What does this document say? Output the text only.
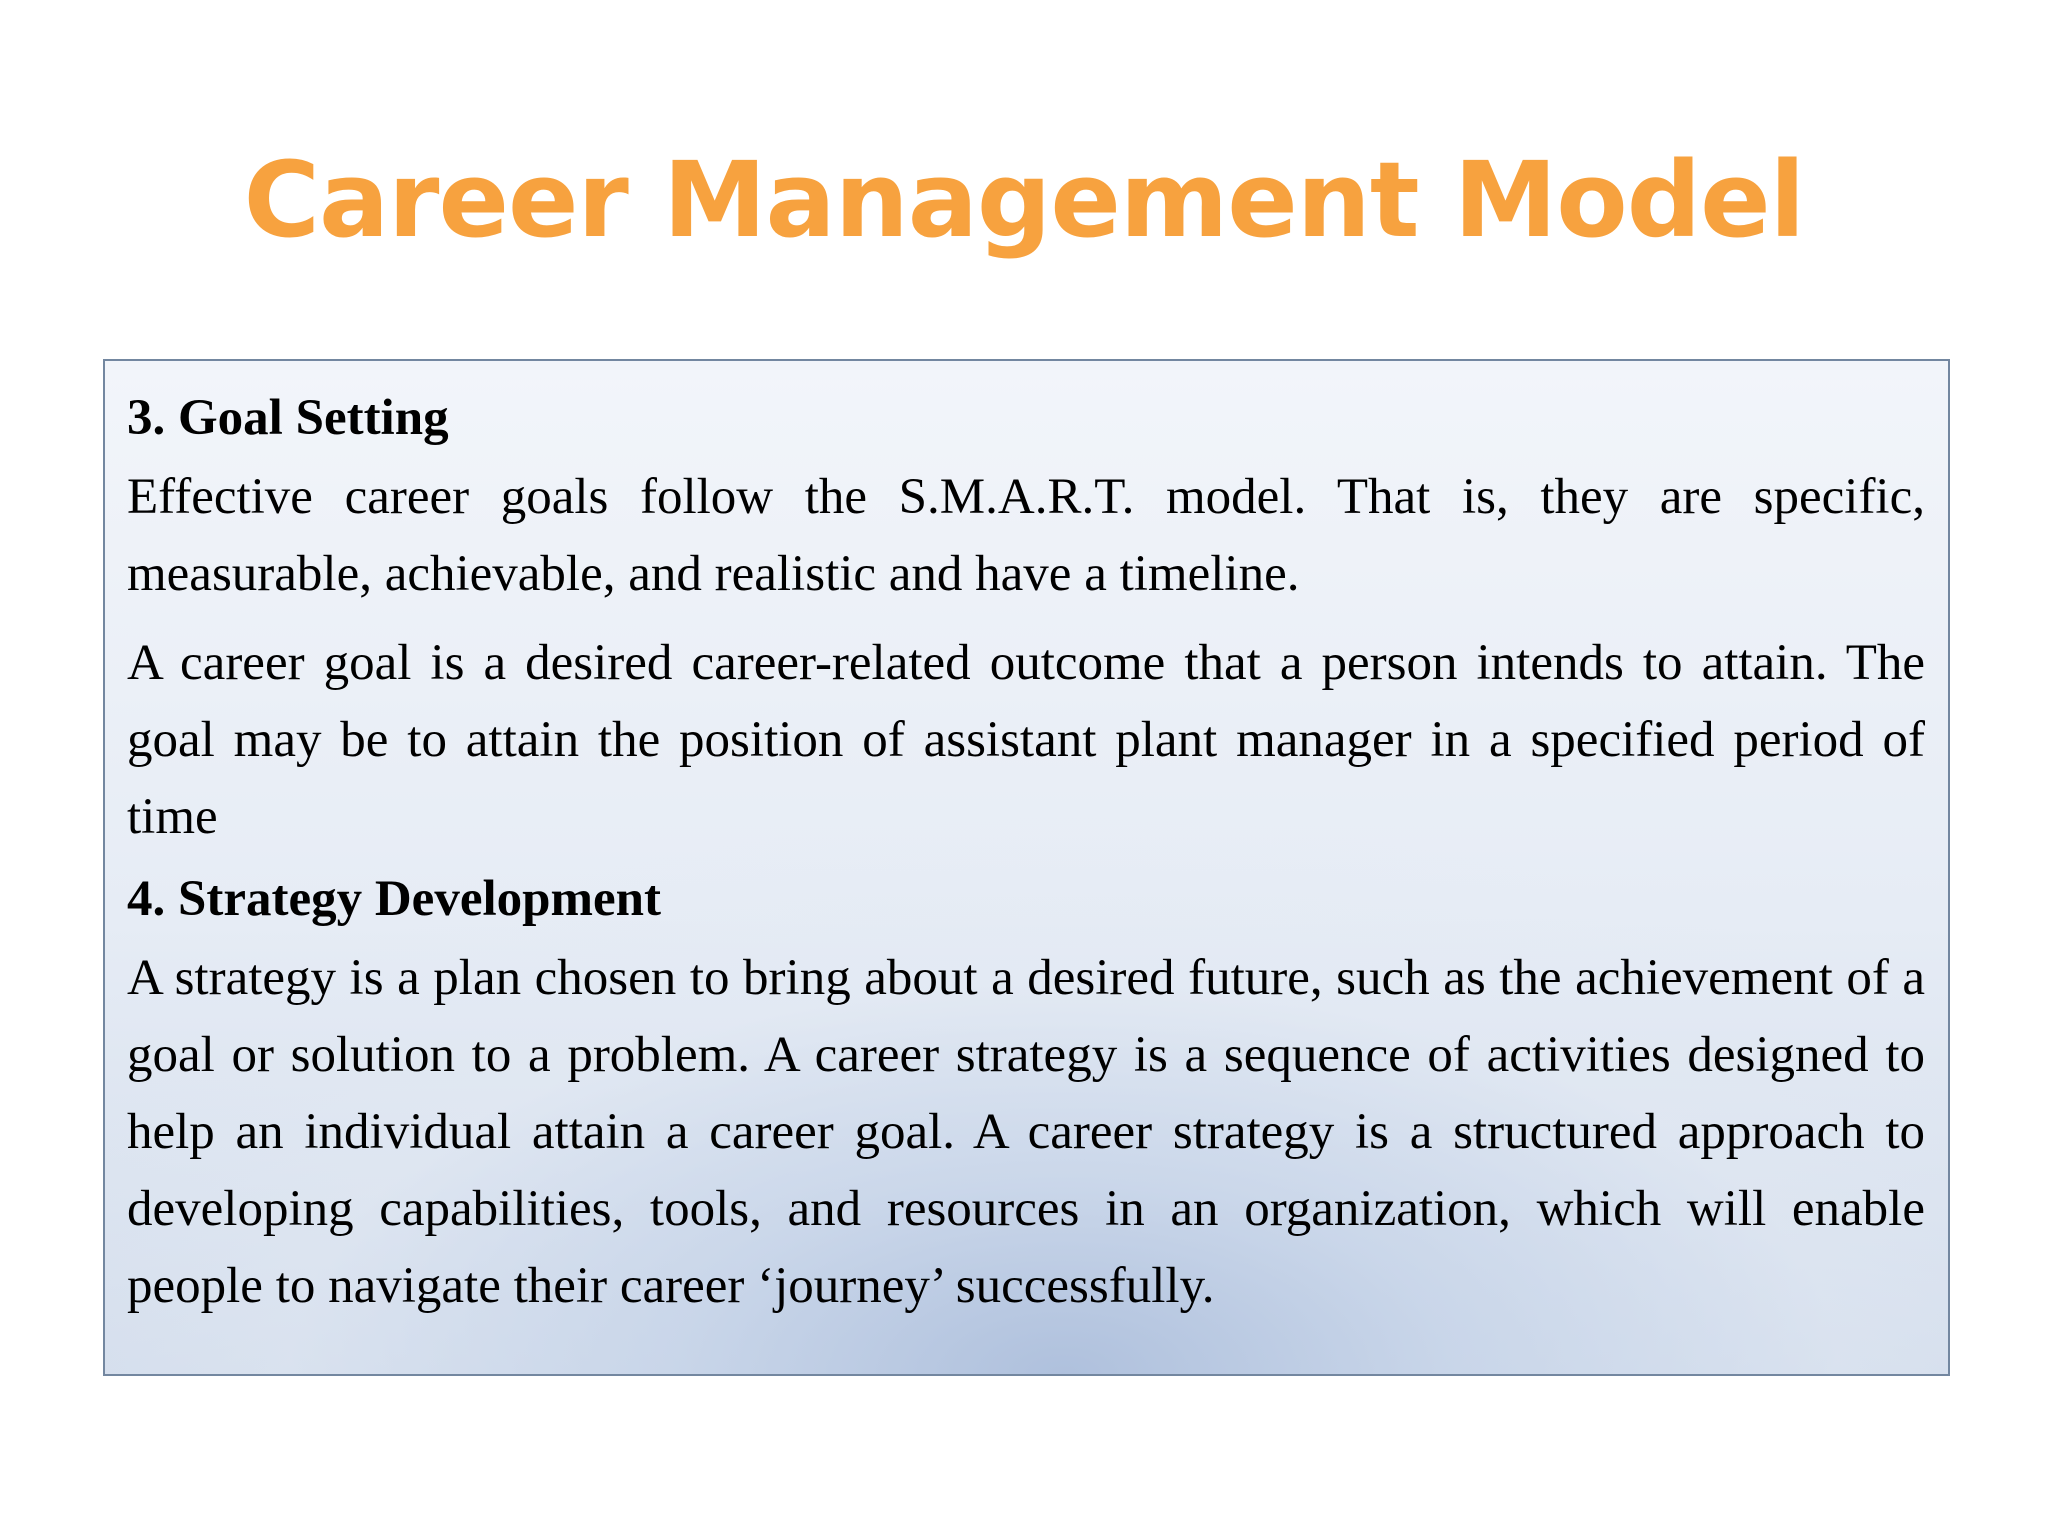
Career Management Model
3. Goal Setting

Effective career goals follow the S.M.A.R.T. model. That is, they are specific, measurable, achievable, and realistic and have a timeline.

A career goal is a desired career-related outcome that a person intends to attain. The goal may be to attain the position of assistant plant manager in a specified period of time

4. Strategy Development

A strategy is a plan chosen to bring about a desired future, such as the achievement of a goal or solution to a problem. A career strategy is a sequence of activities designed to help an individual attain a career goal. A career strategy is a structured approach to developing capabilities, tools, and resources in an organization, which will enable people to navigate their career ‘journey’ successfully.
